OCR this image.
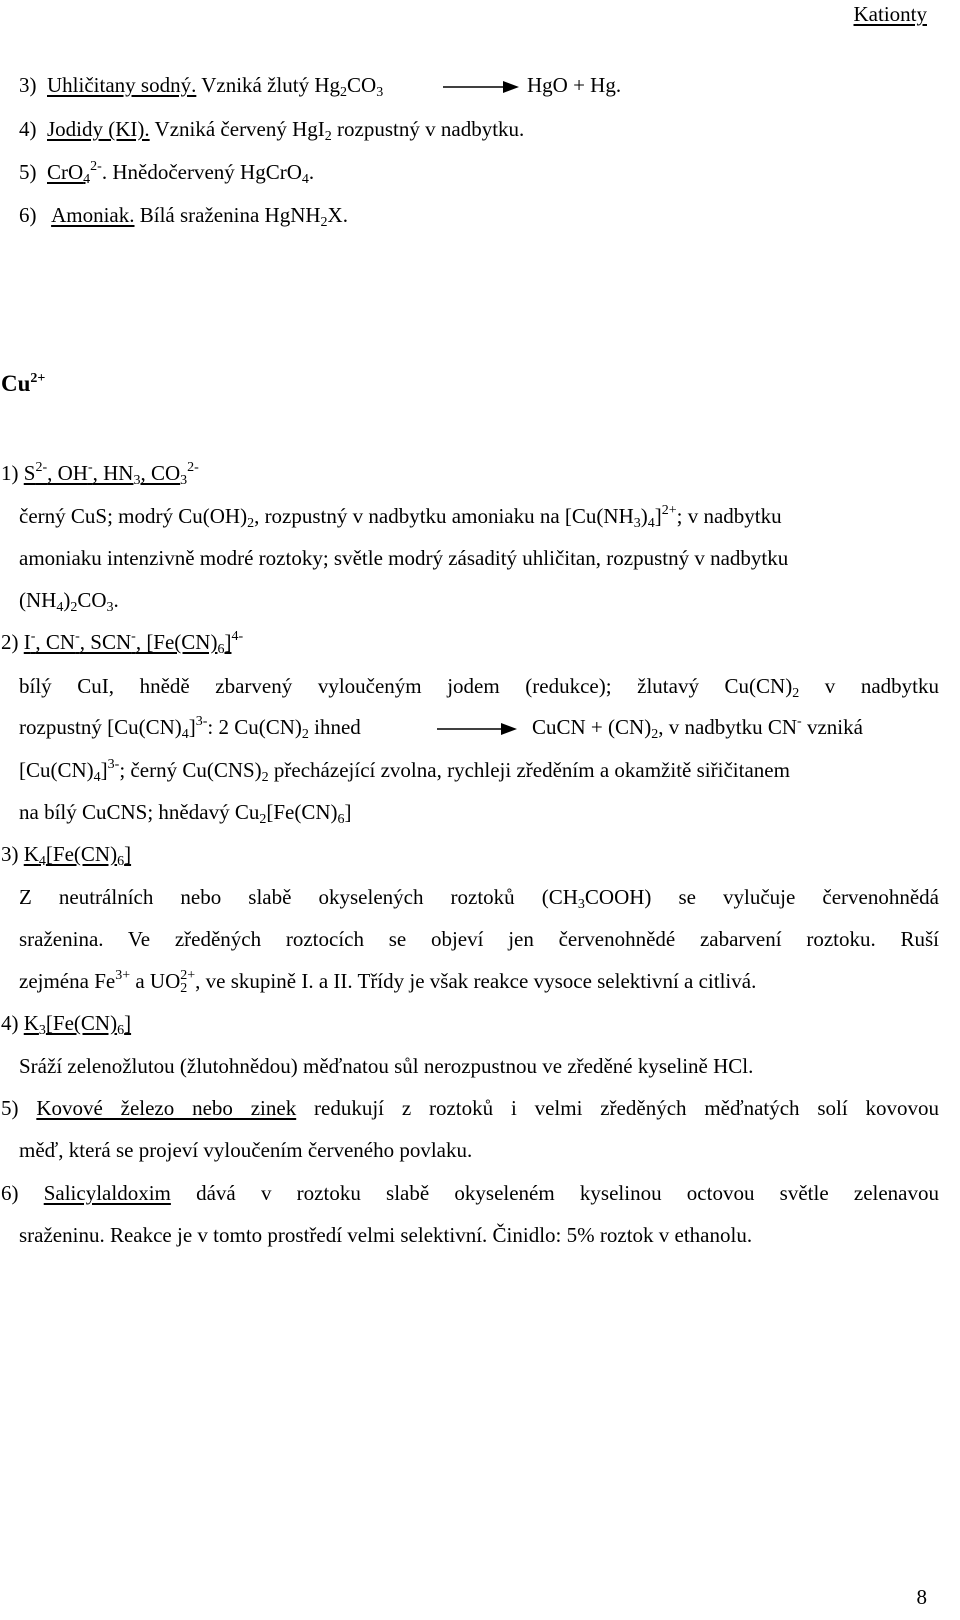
Kationty
3) Uhličitany sodný. Vzniká žlutý $Hg_2CO_3$	→ HgO + Hg.
4) Jodidy (KI). Vzniká červený HgI$_2$ rozpustný v nadbytku.
5) CrO$_4^{2-}$. Hnědočervený HgCrO$_4$.
6) Amoniak. Bílá sraženina HgNH$_2$X.
$Cu^{2+}$
1) $S^{2-}$, OH-, $HN_3$, $CO_3^{2-}$
černý CuS; modrý $Cu(OH)_2$, rozpustný v nadbytku amoniaku na $[Cu(NH_3)_4]^{2+}$; v nadbytku
amoniaku intenzivně modré roztoky; světle modrý zásaditý uhličitan, rozpustný v nadbytku
$(NH_4)_2CO_3$.
2) I-, CN-, SCN-, $[Fe(CN)_6]^{4-}$
bílý CuI, hnědě zbarvený vyloučeným jodem (redukce); žlutavý $Cu(CN)_2$ v nadbytku
rozpustný $[Cu(CN)_4]^{3-}$: 2 $Cu(CN)_2$ ihned	→ CuCN + $(CN)_2$, v nadbytku CN- vzniká
$[Cu(CN)_4]^{3-}$; černý $Cu(CNS)_2$ přecházející zvolna, rychleji zředěním a okamžitě siřičitanem
na bílý CuCNS; hnědavý $Cu_2[Fe(CN)_6]$
3) $K_4[Fe(CN)_6]$
Z neutrálních nebo slabě okyselených roztoků $(CH_3COOH)$ se vylučuje červenohnědá
sraženina. Ve zředěných roztocích se objeví jen červenohnědé zabarvení roztoku. Ruší
zejména $Fe^{3+}$ a $UO_2^{2+}$, ve skupině I. a II. Třídy je však reakce vysoce selektivní a citlivá.
4) $K_3[Fe(CN)_6]$
Sráží zelenožlutou (žlutohnědou) měďnatou sůl nerozpustnou ve zředěné kyselině HCl.
5) Kovové železo nebo zinek redukují z roztoků i velmi zředěných měďnatých solí kovovou
měď, která se projeví vyloučením červeného povlaku.
6) Salicylaldoxim dává v roztoku slabě okyseleném kyselinou octovou světle zelenavou
sraženinu. Reakce je v tomto prostředí velmi selektivní. Činidlo: 5% roztok v ethanolu.
8
